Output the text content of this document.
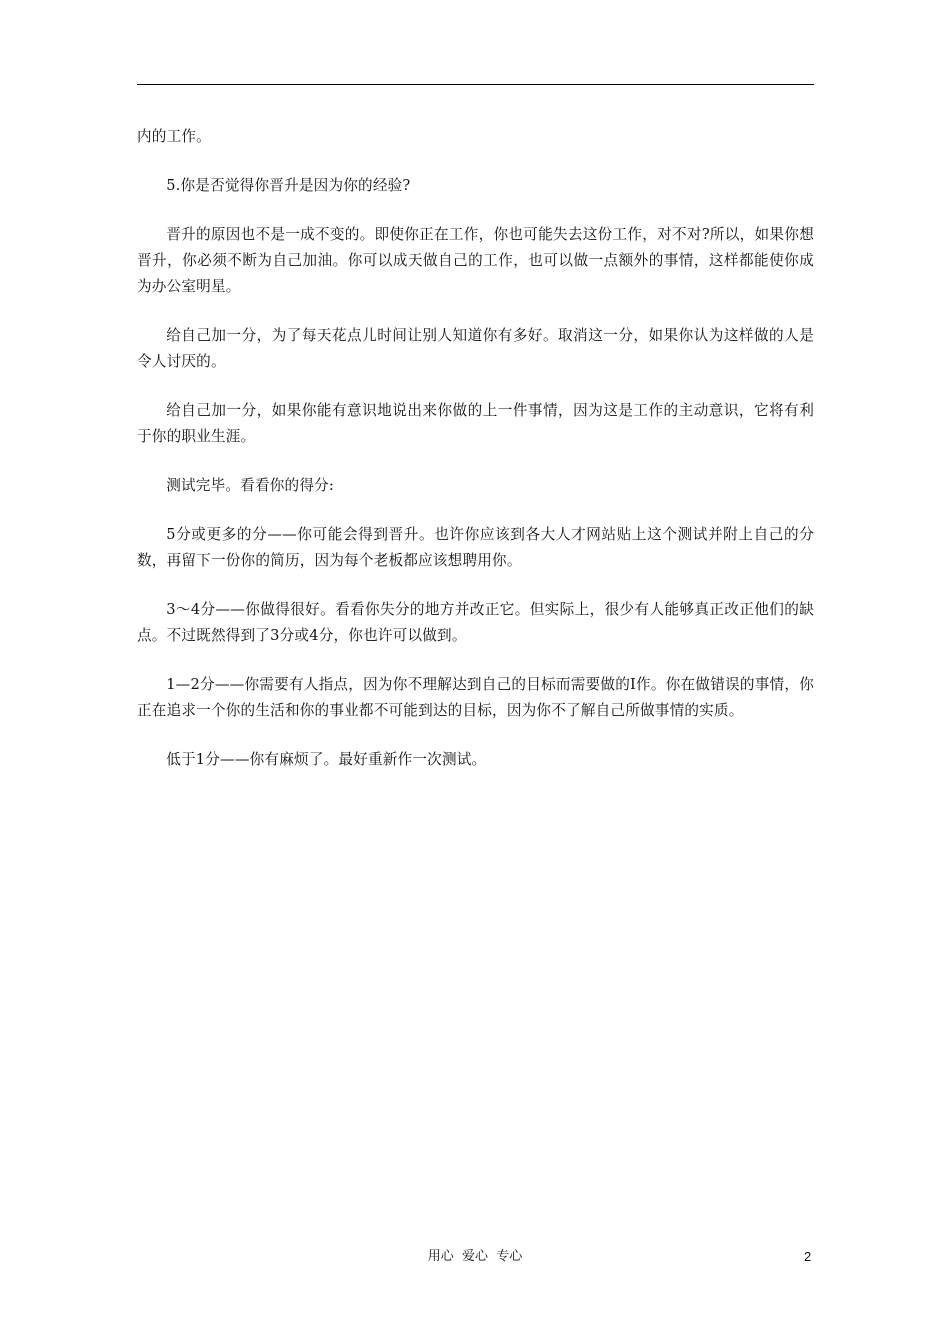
内的工作。

5.你是否觉得你晋升是因为你的经验?

晋升的原因也不是一成不变的。即使你正在工作，你也可能失去这份工作，对不对?所以，如果你想晋升，你必须不断为自己加油。你可以成天做自己的工作，也可以做一点额外的事情，这样都能使你成为办公室明星。

给自己加一分，为了每天花点儿时间让别人知道你有多好。取消这一分，如果你认为这样做的人是令人讨厌的。

给自己加一分，如果你能有意识地说出来你做的上一件事情，因为这是工作的主动意识，它将有利于你的职业生涯。

测试完毕。看看你的得分:

5分或更多的分——你可能会得到晋升。也许你应该到各大人才网站贴上这个测试并附上自己的分数，再留下一份你的简历，因为每个老板都应该想聘用你。

3～4分——你做得很好。看看你失分的地方并改正它。但实际上，很少有人能够真正改正他们的缺点。不过既然得到了3分或4分，你也许可以做到。

1—2分——你需要有人指点，因为你不理解达到自己的目标而需要做的I作。你在做错误的事情，你正在追求一个你的生活和你的事业都不可能到达的目标，因为你不了解自己所做事情的实质。

低于1分——你有麻烦了。最好重新作一次测试。

用心  爱心  专心	2
